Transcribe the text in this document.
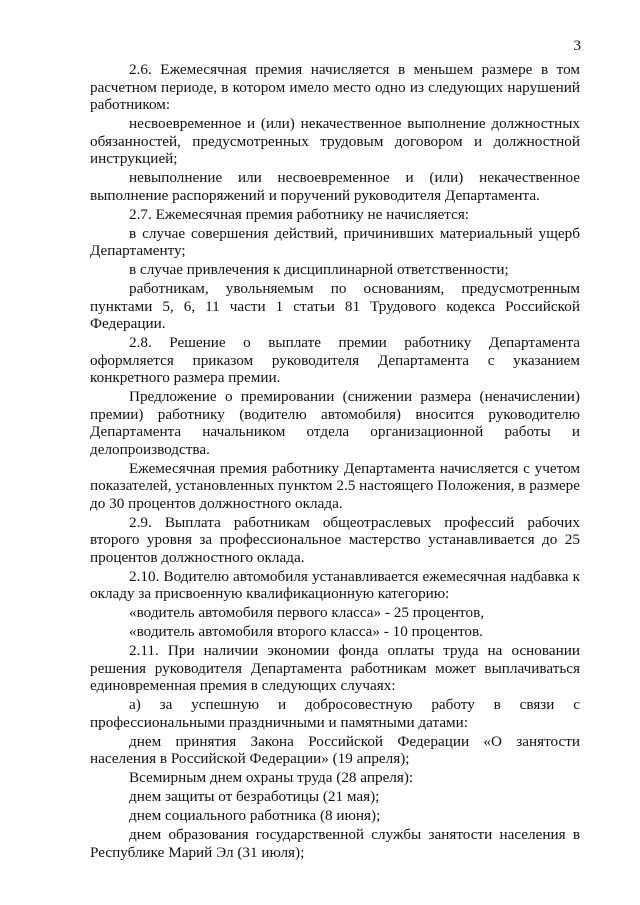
3

2.6. Ежемесячная премия начисляется в меньшем размере в том расчетном периоде, в котором имело место одно из следующих нарушений работником:

несвоевременное и (или) некачественное выполнение должностных обязанностей, предусмотренных трудовым договором и должностной инструкцией;

невыполнение или несвоевременное и (или) некачественное выполнение распоряжений и поручений руководителя Департамента.

2.7. Ежемесячная премия работнику не начисляется:

в случае совершения действий, причинивших материальный ущерб Департаменту;

в случае привлечения к дисциплинарной ответственности;

работникам, увольняемым по основаниям, предусмотренным пунктами 5, 6, 11 части 1 статьи 81 Трудового кодекса Российской Федерации.

2.8. Решение о выплате премии работнику Департамента оформляется приказом руководителя Департамента с указанием конкретного размера премии.

Предложение о премировании (снижении размера (неначислении) премии) работнику (водителю автомобиля) вносится руководителю Департамента начальником отдела организационной работы и делопроизводства.

Ежемесячная премия работнику Департамента начисляется с учетом показателей, установленных пунктом 2.5 настоящего Положения, в размере до 30 процентов должностного оклада.

2.9. Выплата работникам общеотраслевых профессий рабочих второго уровня за профессиональное мастерство устанавливается до 25 процентов должностного оклада.

2.10. Водителю автомобиля устанавливается ежемесячная надбавка к окладу за присвоенную квалификационную категорию:

«водитель автомобиля первого класса» - 25 процентов,

«водитель автомобиля второго класса» - 10 процентов.

2.11. При наличии экономии фонда оплаты труда на основании решения руководителя Департамента работникам может выплачиваться единовременная премия в следующих случаях:

а) за успешную и добросовестную работу в связи с профессиональными праздничными и памятными датами:

днем принятия Закона Российской Федерации «О занятости населения в Российской Федерации» (19 апреля);

Всемирным днем охраны труда (28 апреля):

днем защиты от безработицы (21 мая);

днем социального работника (8 июня);

днем образования государственной службы занятости населения в Республике Марий Эл (31 июля);
